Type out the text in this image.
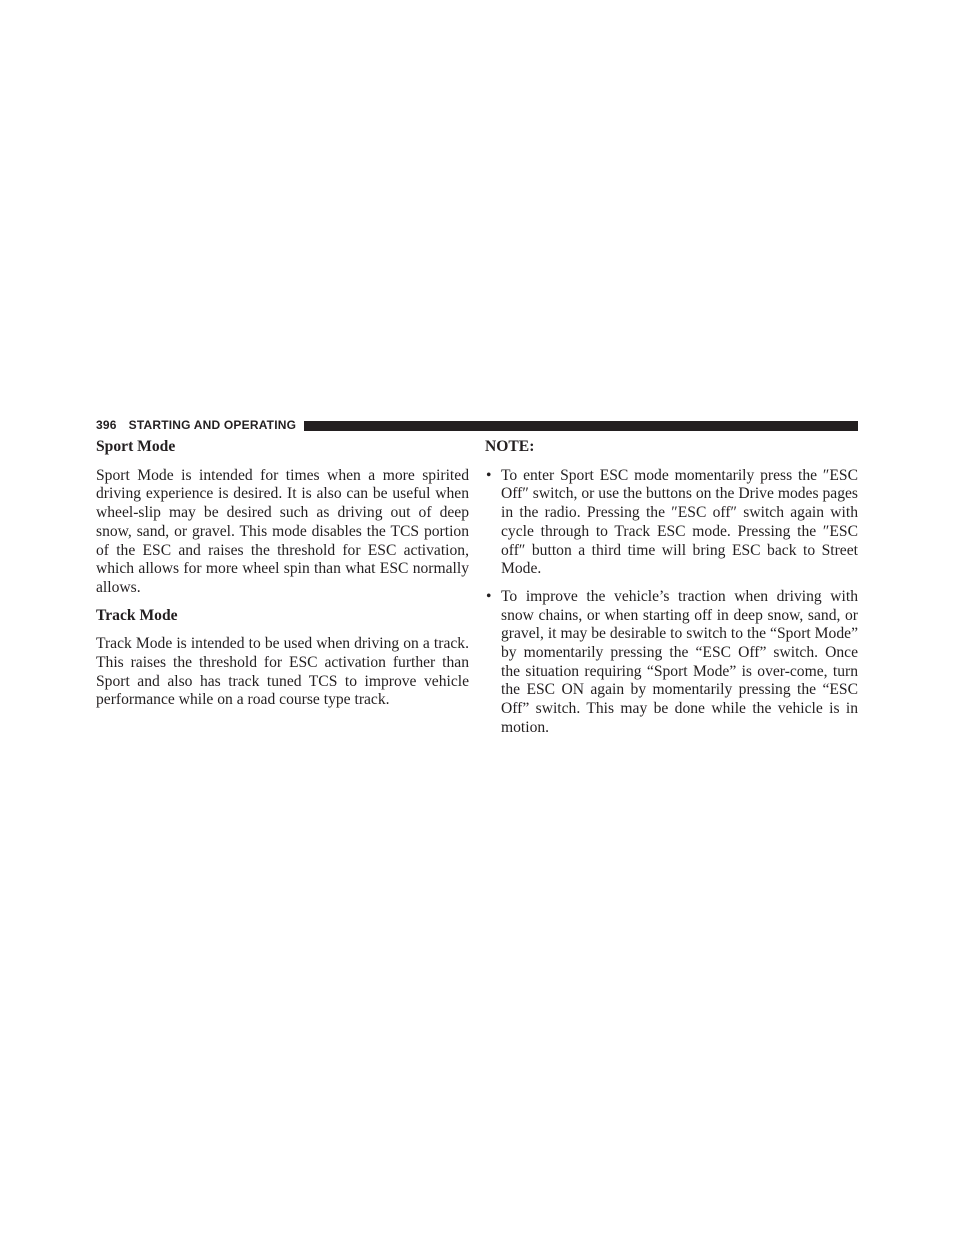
396 STARTING AND OPERATING

Sport Mode

Sport Mode is intended for times when a more spirited driving experience is desired. It is also can be useful when wheel-slip may be desired such as driving out of deep snow, sand, or gravel. This mode disables the TCS portion of the ESC and raises the threshold for ESC activation, which allows for more wheel spin than what ESC normally allows.

Track Mode

Track Mode is intended to be used when driving on a track. This raises the threshold for ESC activation further than Sport and also has track tuned TCS to improve vehicle performance while on a road course type track.

NOTE:

• To enter Sport ESC mode momentarily press the ″ESC Off″ switch, or use the buttons on the Drive modes pages in the radio. Pressing the ″ESC off″ switch again with cycle through to Track ESC mode. Pressing the ″ESC off″ button a third time will bring ESC back to Street Mode.
• To improve the vehicle’s traction when driving with snow chains, or when starting off in deep snow, sand, or gravel, it may be desirable to switch to the “Sport Mode” by momentarily pressing the “ESC Off” switch. Once the situation requiring “Sport Mode” is over-come, turn the ESC ON again by momentarily pressing the “ESC Off” switch. This may be done while the vehicle is in motion.
